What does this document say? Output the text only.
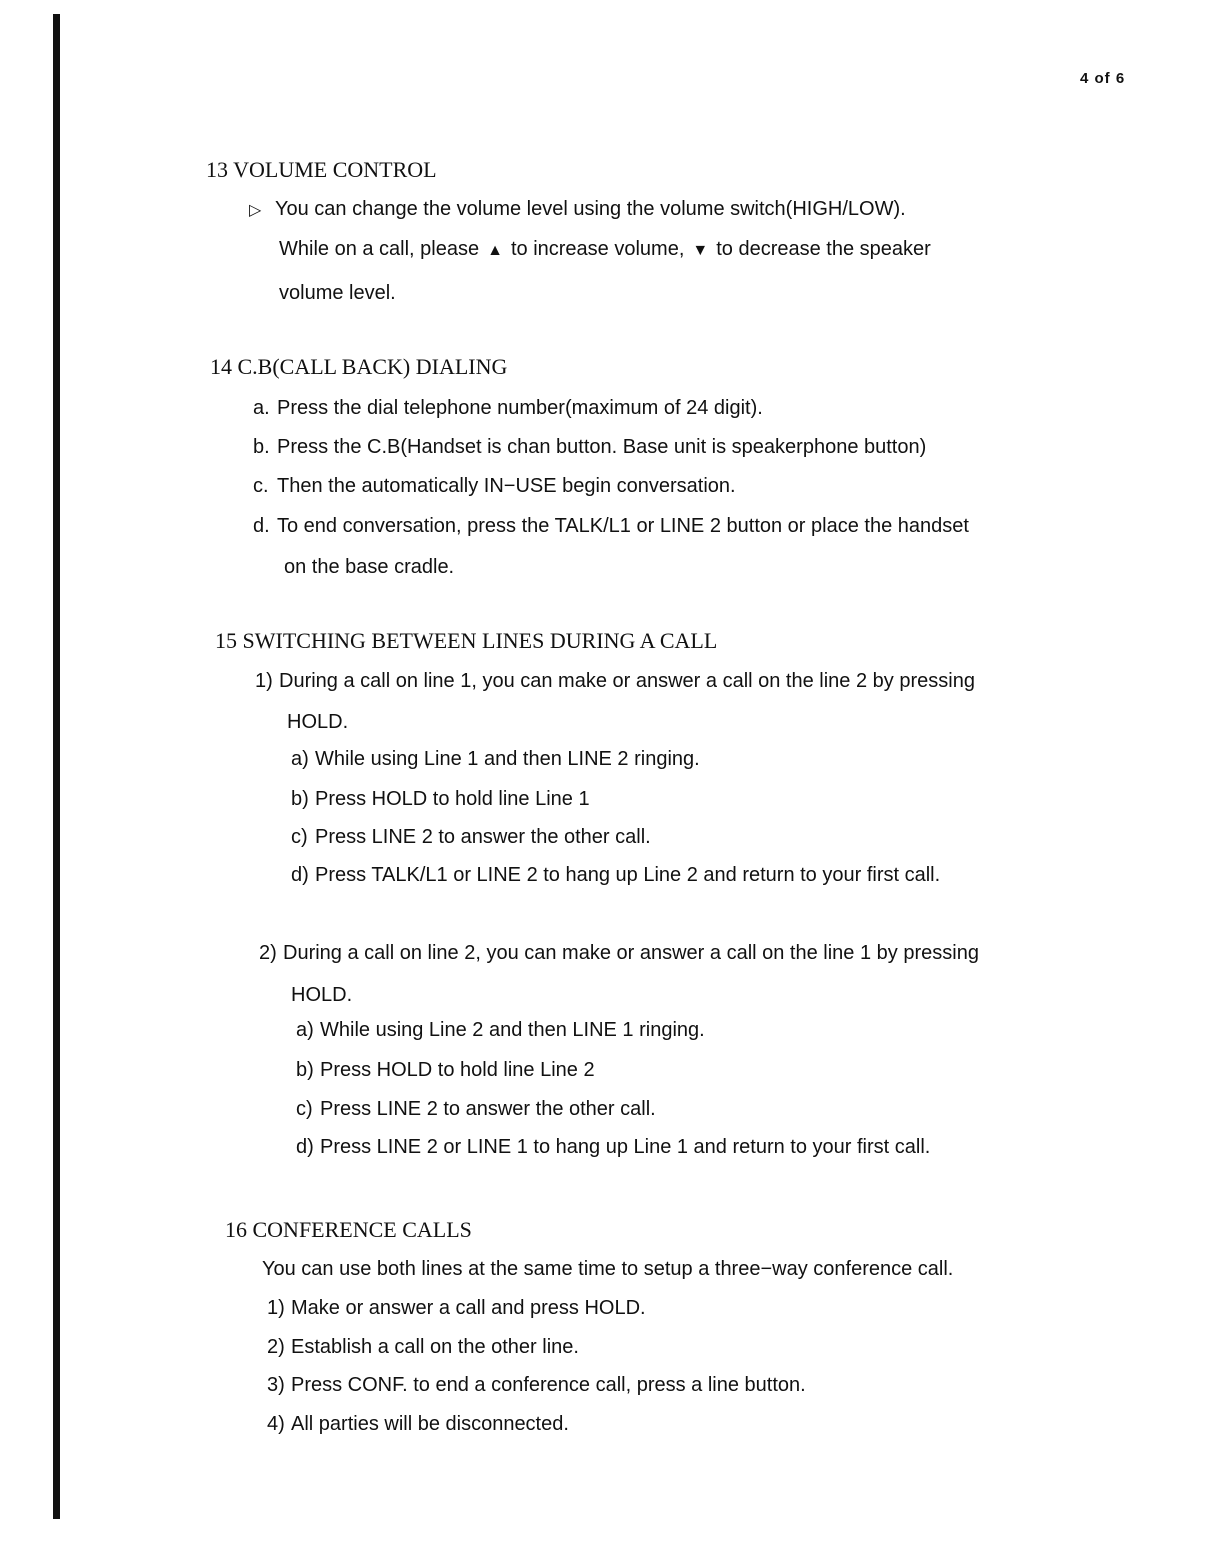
4 of 6
13 VOLUME CONTROL
▷ You can change the volume level using the volume switch(HIGH/LOW).
While on a call, please ▲ to increase volume, ▼ to decrease the speaker
volume level.
14 C.B(CALL BACK) DIALING
a. Press the dial telephone number(maximum of 24 digit).
b. Press the C.B(Handset is chan button. Base unit is speakerphone button)
c. Then the automatically IN−USE begin conversation.
d. To end conversation, press the TALK/L1 or LINE 2 button or place the handset
on the base cradle.
15 SWITCHING BETWEEN LINES DURING A CALL
1) During a call on line 1, you can make or answer a call on the line 2 by pressing
HOLD.
a) While using Line 1 and then LINE 2 ringing.
b) Press HOLD to hold line Line 1
c) Press LINE 2 to answer the other call.
d) Press TALK/L1 or LINE 2 to hang up Line 2 and return to your first call.
2) During a call on line 2, you can make or answer a call on the line 1 by pressing
HOLD.
a) While using Line 2 and then LINE 1 ringing.
b) Press HOLD to hold line Line 2
c) Press LINE 2 to answer the other call.
d) Press LINE 2 or LINE 1 to hang up Line 1 and return to your first call.
16 CONFERENCE CALLS
You can use both lines at the same time to setup a three−way conference call.
1) Make or answer a call and press HOLD.
2) Establish a call on the other line.
3) Press CONF. to end a conference call, press a line button.
4) All parties will be disconnected.
